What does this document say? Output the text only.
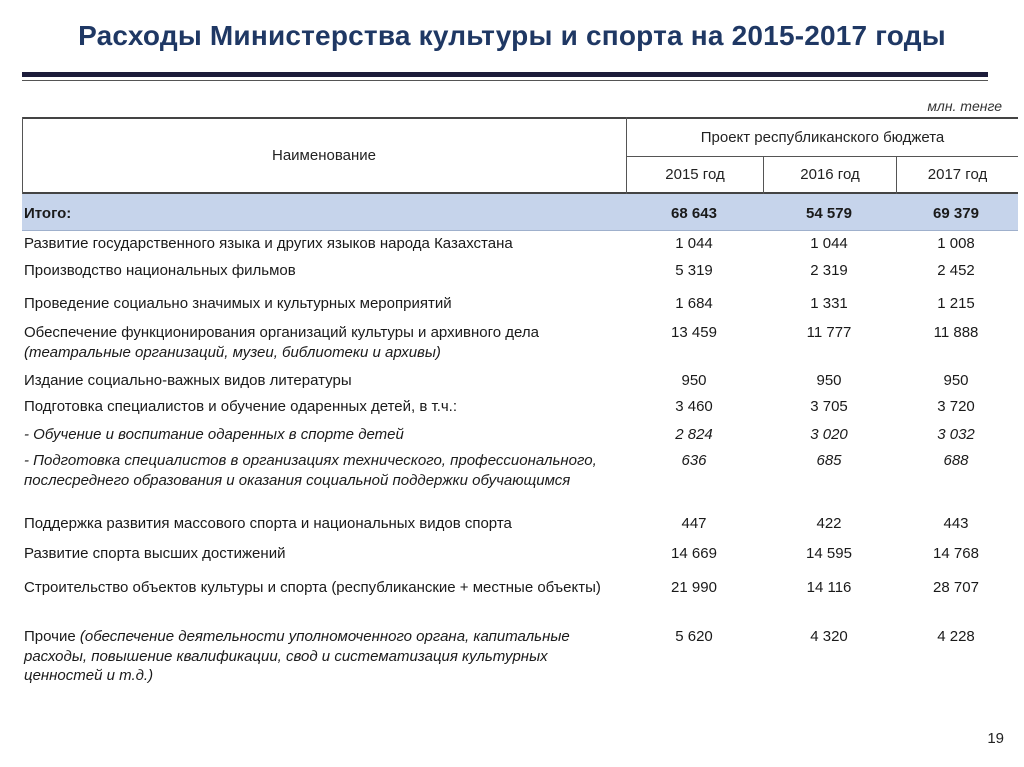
Расходы Министерства культуры и спорта на 2015-2017 годы
млн. тенге
Наименование
Проект республиканского бюджета
2015 год	2016 год	2017 год
Итого:	68 643	54 579	69 379
Развитие государственного языка и других языков народа Казахстана	1 044	1 044	1 008
Производство национальных фильмов	5 319	2 319	2 452
Проведение социально значимых и культурных мероприятий	1 684	1 331	1 215
Обеспечение функционирования организаций культуры и архивного дела (театральные организаций, музеи, библиотеки и архивы)
13 459	11 777	11 888
Издание социально-важных видов литературы	950	950	950
Подготовка специалистов и обучение одаренных детей, в т.ч.:	3 460	3 705	3 720
- Обучение и воспитание одаренных в спорте детей	2 824	3 020	3 032
- Подготовка специалистов в организациях технического, профессионального, послесреднего образования и оказания социальной поддержки обучающимся
636	685	688
Поддержка развития массового спорта и национальных видов спорта	447	422	443
Развитие спорта высших достижений	14 669	14 595	14 768
Строительство объектов культуры и спорта (республиканские + местные объекты)	21 990	14 116	28 707
Прочие (обеспечение деятельности уполномоченного органа, капитальные расходы, повышение квалификации, свод и систематизация культурных ценностей и т.д.)
5 620	4 320	4 228
19
